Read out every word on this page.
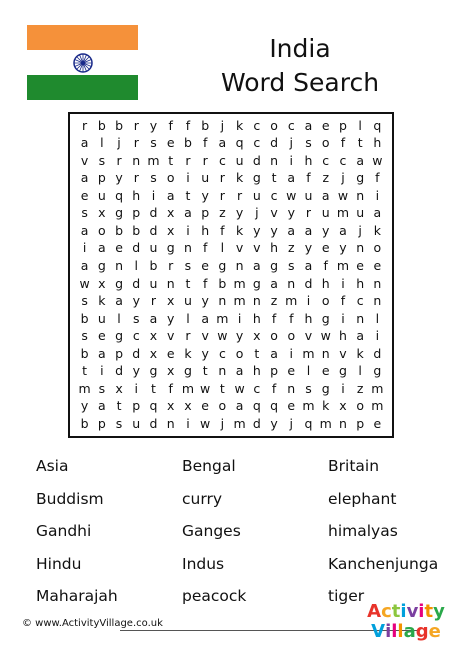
India
Word Search
r b b r y f	f b j k c o c a e p l q
a l	j	r s e b f a q c d j s o f	t h
v s r n m t r r c u d n i h c c a w
a p y r s o i u r k g t a f z j g f
e u q h i a t y r r u c w u a w n i
s x g p d x a p z y j v y r u m u a
a o b b d x i h f k y y a a y a j k
i a e d u g n f	l v v h z y e y n o
a g n l b r s e g n a g s a f m e e
w x g d u n t	f b m g a n d h i h n
s k a y r x u y n m n z m i o f c n
b u l s a y l a m i h f	f h g i n l
s e g c x v r v w y x o o v w h a i
b a p d x e k y c o t a i m n v k d
t	i d y g x g t n a h p e l e g l g
m s x i	t	f m w t w c f n s g i z m
y a t p q x x e o a q q e m k x o m
b p s u d n i w j m d y j q m n p e
Asia	Bengal	Britain
Buddism	curry	elephant
Gandhi	Ganges	himalyas
Hindu	Indus	Kanchenjunga
Maharajah	peacock	tiger
© www.ActivityVillage.co.uk
A c t i v i t y
V i l l a g e
